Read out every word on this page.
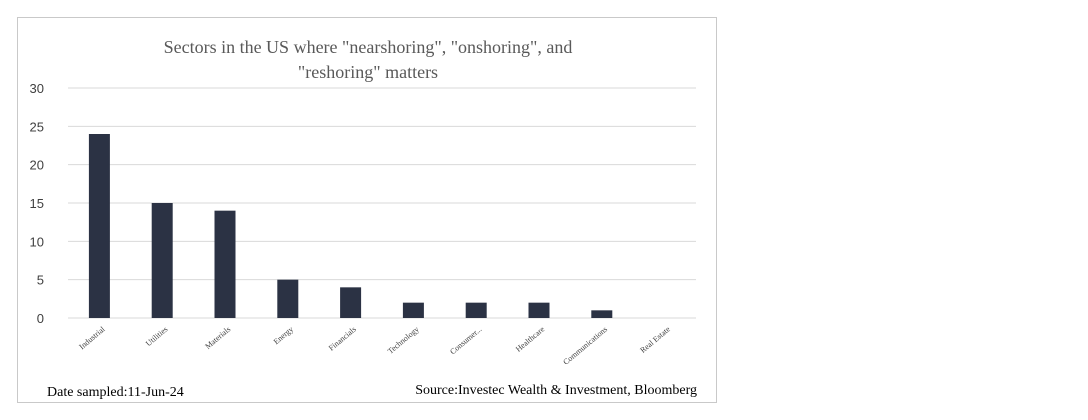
Sectors in the US where "nearshoring", "onshoring", and
"reshoring" matters
0
5
10
15
20
25
30
Industrial	Utilities	Materials	Energy	Financials	Technology	Consumer...	Healthcare Communications	Real Estate
Date sampled:11-Jun-24	Source:Investec Wealth & Investment, Bloomberg
